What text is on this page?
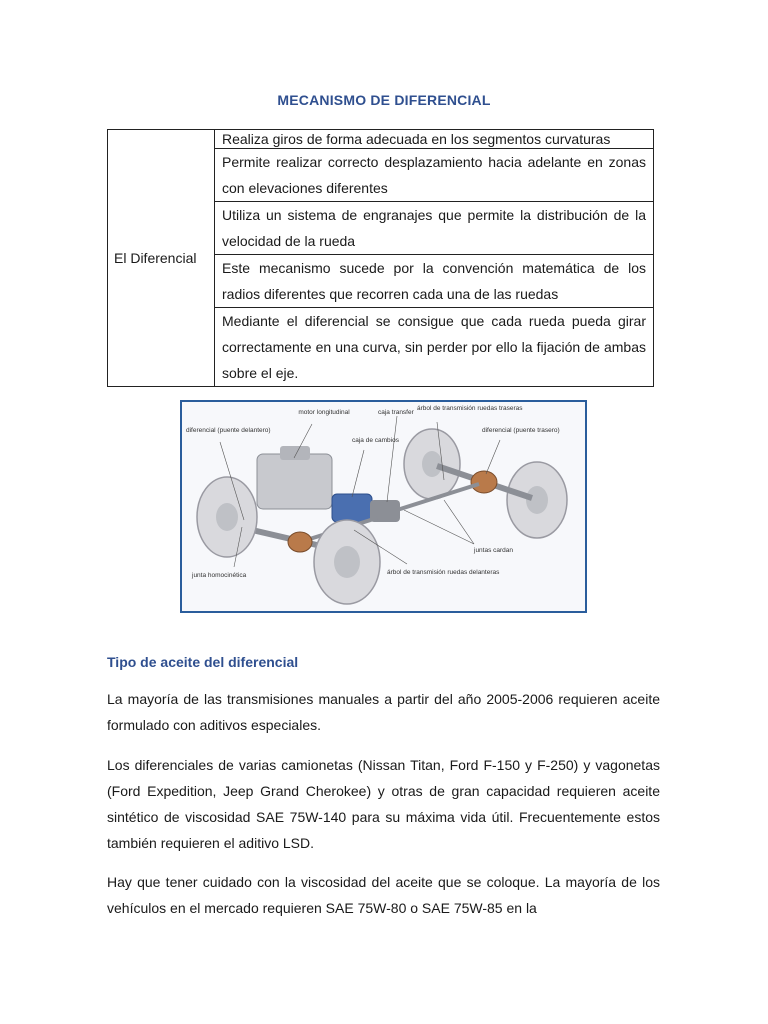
MECANISMO DE DIFERENCIAL
El Diferencial	Realiza giros de forma adecuada en los segmentos curvaturas
Permite realizar correcto desplazamiento hacia adelante en zonas con elevaciones diferentes
Utiliza un sistema de engranajes que permite la distribución de la velocidad de la rueda
Este mecanismo sucede por la convención matemática de los radios diferentes que recorren cada una de las ruedas
Mediante el diferencial se consigue que cada rueda pueda girar correctamente en una curva, sin perder por ello la fijación de ambas sobre el eje.
motor longitudinal
diferencial (puente delantero)
caja transfer
caja de cambios
árbol de transmisión ruedas traseras
diferencial (puente trasero)
juntas cardan
junta homocinética	árbol de transmisión ruedas delanteras
Tipo de aceite del diferencial

La mayoría de las transmisiones manuales a partir del año 2005-2006 requieren aceite formulado con aditivos especiales.

Los diferenciales de varias camionetas (Nissan Titan, Ford F-150 y F-250) y vagonetas (Ford Expedition, Jeep Grand Cherokee) y otras de gran capacidad requieren aceite sintético de viscosidad SAE 75W-140 para su máxima vida útil. Frecuentemente estos también requieren el aditivo LSD.

Hay que tener cuidado con la viscosidad del aceite que se coloque. La mayoría de los vehículos en el mercado requieren SAE 75W-80 o SAE 75W-85 en la
